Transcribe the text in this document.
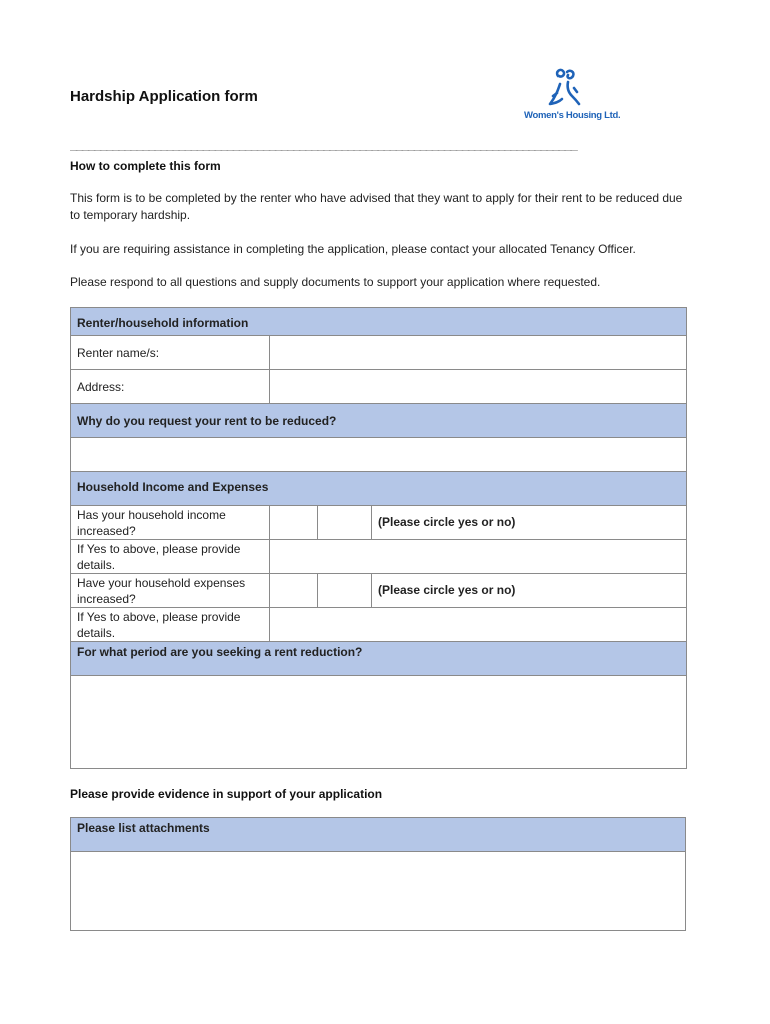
Hardship Application form
Women's Housing Ltd.
____________________________________________________________________________________
How to complete this form
This form is to be completed by the renter who have advised that they want to apply for their rent to be reduced due to temporary hardship.
If you are requiring assistance in completing the application, please contact your allocated Tenancy Officer.
Please respond to all questions and supply documents to support your application where requested.
Renter/household information			
Renter name/s:			
Address:			
Why do you request your rent to be reduced?			

Household Income and Expenses			
Has your household income increased?			(Please circle yes or no)
If Yes to above, please provide details.			
Have your household expenses increased?			(Please circle yes or no)
If Yes to above, please provide details.			
For what period are you seeking a rent reduction?			

Please provide evidence in support of your application
Please list attachments
